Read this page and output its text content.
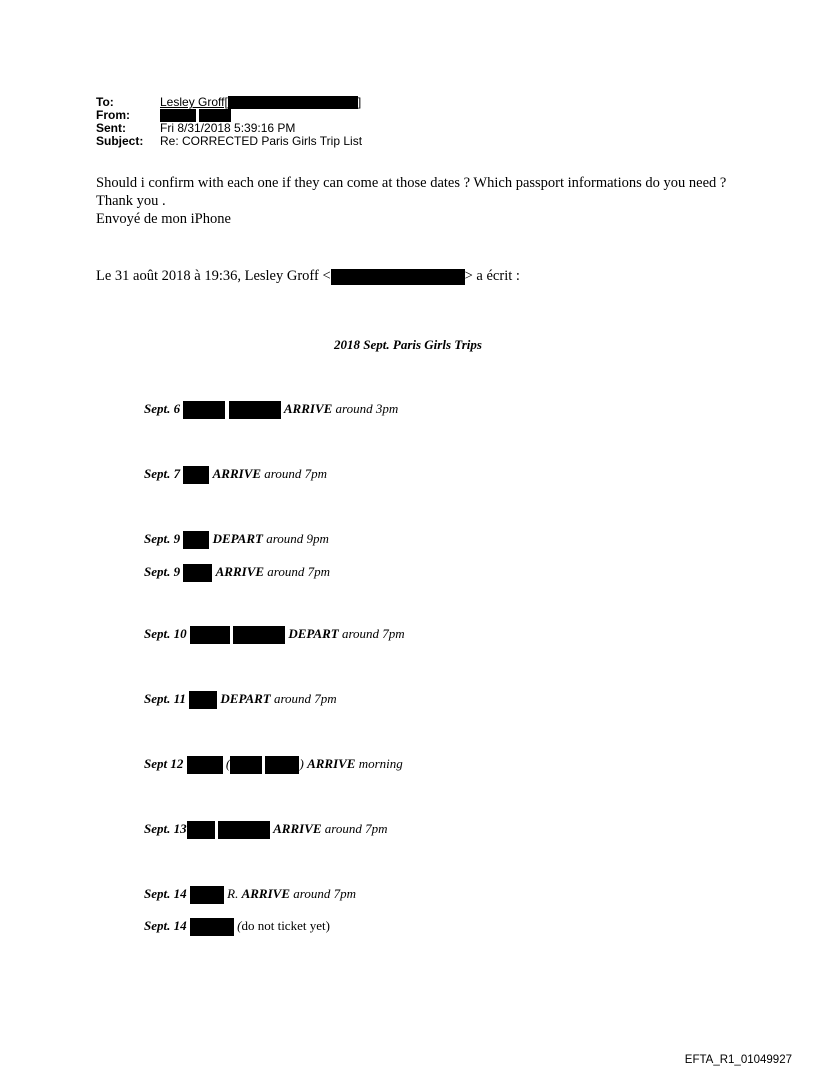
To:	Lesley Groff[	]
From:

Sent:	Fri 8/31/2018 5:39:16 PM
Subject: Re: CORRECTED Paris Girls Trip List
Should i confirm with each one if they can come at those dates ? Which passport informations do you need ?
Thank you .
Envoyé de mon iPhone
Le 31 août 2018 à 19:36, Lesley Groff <	> a écrit :
2018 Sept. Paris Girls Trips
Sept. 6	ARRIVE around 3pm
Sept. 7	ARRIVE around 7pm
Sept. 9	DEPART around 9pm
Sept. 9	ARRIVE around 7pm
Sept. 10	DEPART around 7pm
Sept. 11	DEPART around 7pm
Sept 12	(	) ARRIVE morning
Sept. 13	ARRIVE around 7pm
Sept. 14	R. ARRIVE around 7pm
Sept. 14	(do not ticket yet)
EFTA_R1_01049927
